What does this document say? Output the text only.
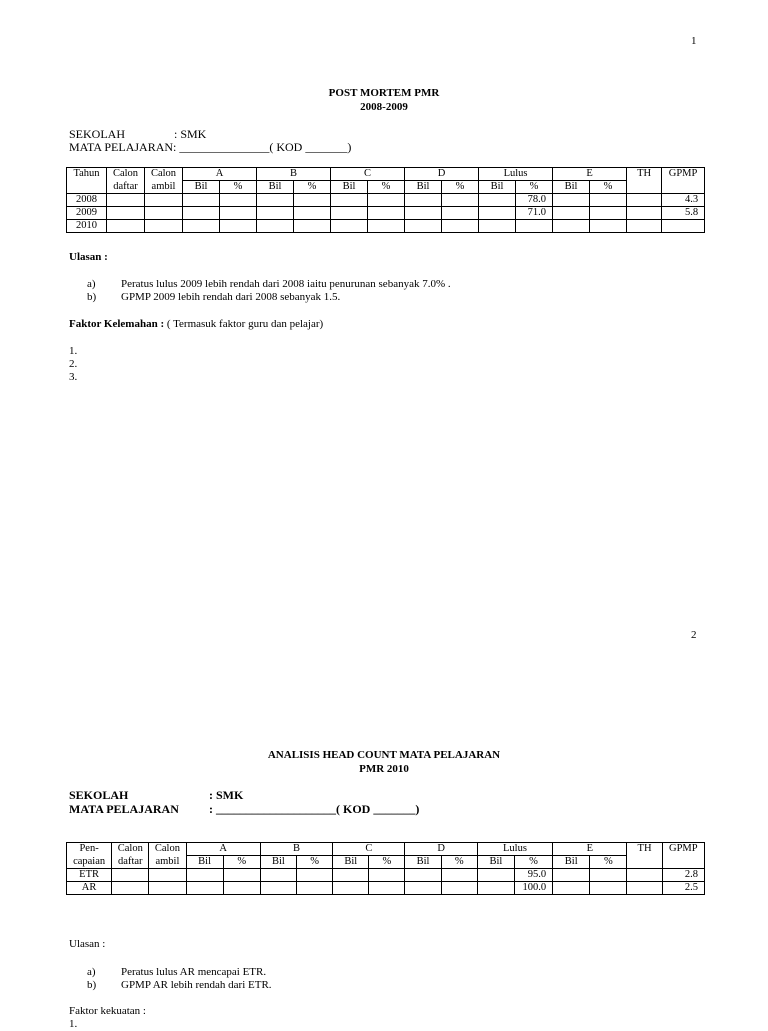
1
POST MORTEM PMR
2008-2009
SEKOLAH	: SMK
MATA PELAJARAN : _______________( KOD _______)
Tahun	Calon	Calon	A		B		C		D		Lulus		E		TH	GPMP
	daftar	ambil	Bil	%	Bil	%	Bil	%	Bil	%	Bil	%	Bil	%		
2008												78.0				4.3
2009												71.0				5.8
2010																
Ulasan :
a) Peratus lulus 2009 lebih rendah dari 2008 iaitu penurunan sebanyak 7.0% .
b) GPMP 2009 lebih rendah dari 2008 sebanyak 1.5.
Faktor Kelemahan : ( Termasuk faktor guru dan pelajar)
1.
2.
3.
2
ANALISIS HEAD COUNT MATA PELAJARAN
PMR 2010
SEKOLAH	: SMK
MATA PELAJARAN	: ____________________( KOD _______)
Pen-	Calon	Calon	A		B		C		D		Lulus		E		TH	GPMP
capaian	daftar	ambil	Bil	%	Bil	%	Bil	%	Bil	%	Bil	%	Bil	%		
ETR												95.0				2.8
AR												100.0				2.5
Ulasan :
a) Peratus lulus AR mencapai ETR.
b) GPMP AR lebih rendah dari ETR.
Faktor kekuatan :
1.
